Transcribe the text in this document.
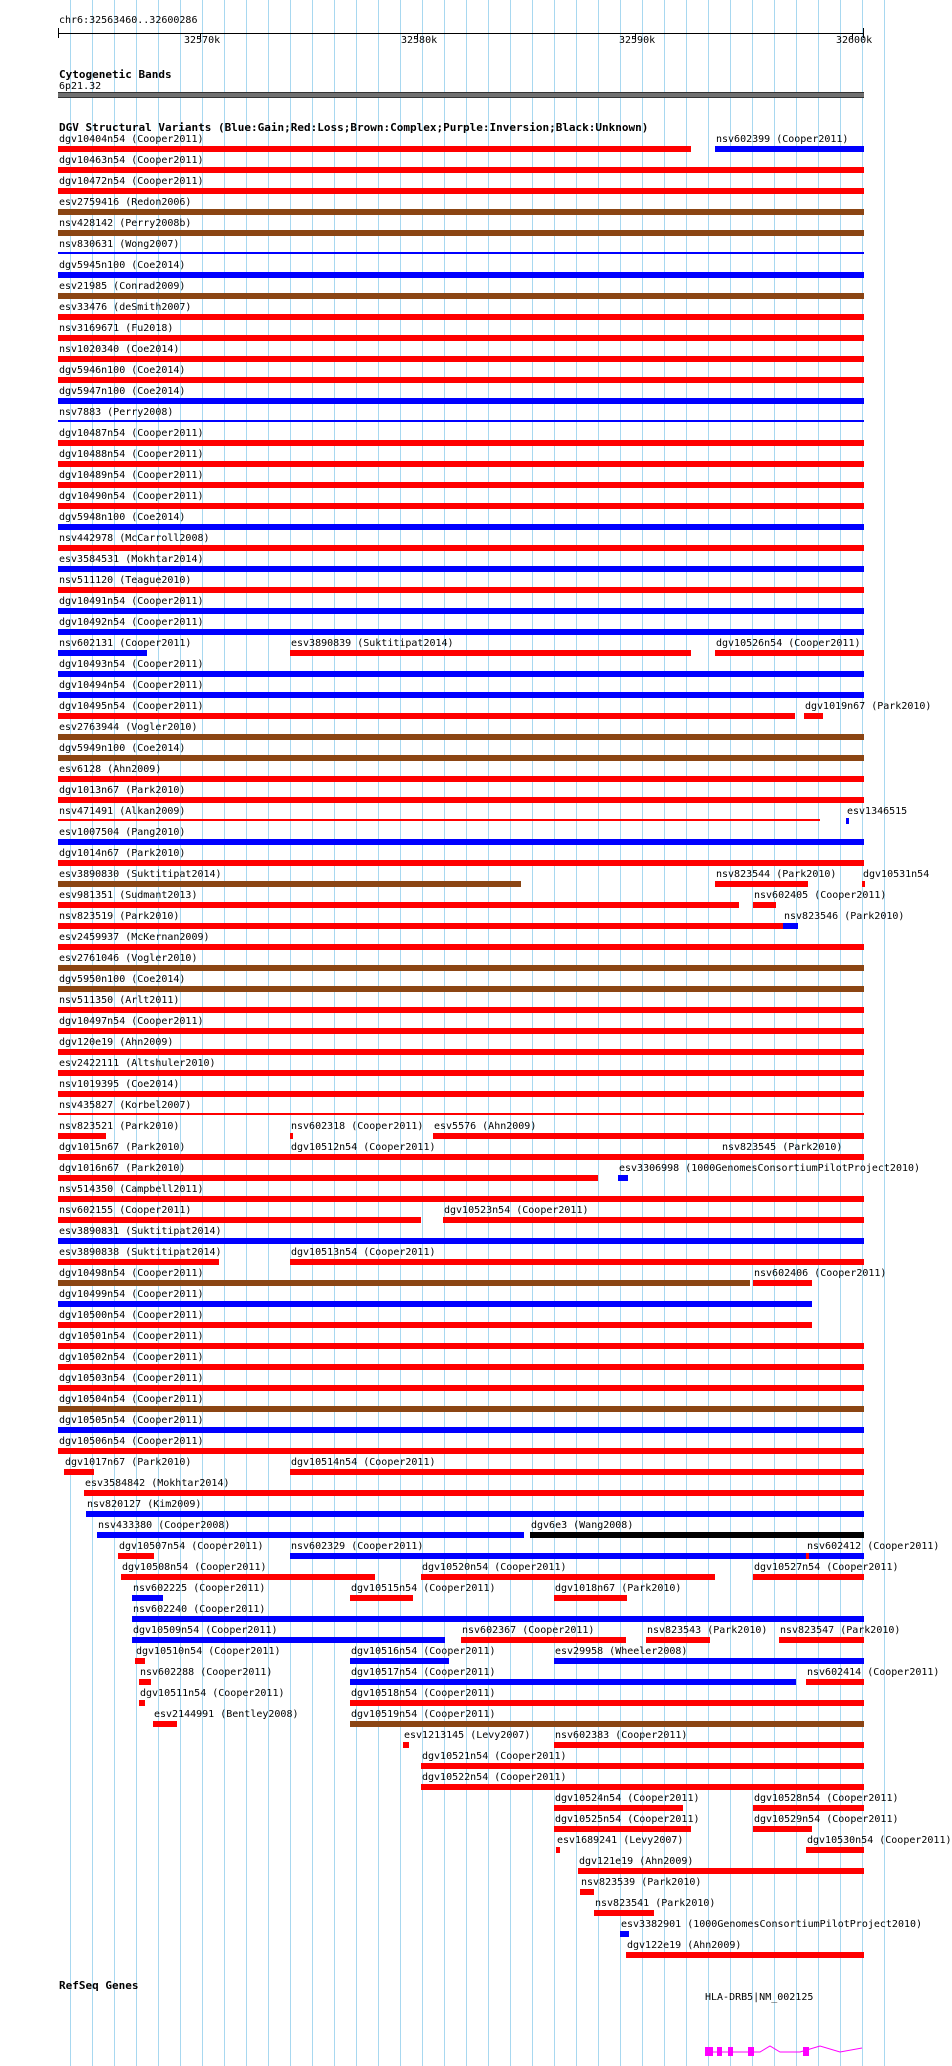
chr6:32563460..32600286
32570k	32580k	32590k	32600k
Cytogenetic Bands
6p21.32
DGV Structural Variants (Blue:Gain;Red:Loss;Brown:Complex;Purple:Inversion;Black:Unknown)
dgv10404n54 (Cooper2011)	nsv602399 (Cooper2011)
dgv10463n54 (Cooper2011)
dgv10472n54 (Cooper2011)
esv2759416 (Redon2006)
nsv428142 (Perry2008b)
nsv830631 (Wong2007)
dgv5945n100 (Coe2014)
esv21985 (Conrad2009)
esv33476 (deSmith2007)
nsv3169671 (Fu2018)
nsv1020340 (Coe2014)
dgv5946n100 (Coe2014)
dgv5947n100 (Coe2014)
nsv7883 (Perry2008)
dgv10487n54 (Cooper2011)
dgv10488n54 (Cooper2011)
dgv10489n54 (Cooper2011)
dgv10490n54 (Cooper2011)
dgv5948n100 (Coe2014)
nsv442978 (McCarroll2008)
esv3584531 (Mokhtar2014)
nsv511120 (Teague2010)
dgv10491n54 (Cooper2011)
dgv10492n54 (Cooper2011)
nsv602131 (Cooper2011)	esv3890839 (Suktitipat2014)	dgv10526n54 (Cooper2011)
dgv10493n54 (Cooper2011)
dgv10494n54 (Cooper2011)
dgv10495n54 (Cooper2011)	dgv1019n67 (Park2010)
esv2763944 (Vogler2010)
dgv5949n100 (Coe2014)
esv6128 (Ahn2009)
dgv1013n67 (Park2010)
nsv471491 (Alkan2009)	esv1346515
esv1007504 (Pang2010)
dgv1014n67 (Park2010)
esv3890830 (Suktitipat2014)	nsv823544 (Park2010)	dgv10531n54
esv981351 (Sudmant2013)	nsv602405 (Cooper2011)
nsv823519 (Park2010)	nsv823546 (Park2010)
esv2459937 (McKernan2009)
esv2761046 (Vogler2010)
dgv5950n100 (Coe2014)
nsv511350 (Arlt2011)
dgv10497n54 (Cooper2011)
dgv120e19 (Ahn2009)
esv2422111 (Altshuler2010)
nsv1019395 (Coe2014)
nsv435827 (Korbel2007)
nsv823521 (Park2010)	nsv602318 (Cooper2011) esv5576 (Ahn2009)
dgv1015n67 (Park2010)	dgv10512n54 (Cooper2011)	nsv823545 (Park2010)
dgv1016n67 (Park2010)	esv3306998 (1000GenomesConsortiumPilotProject2010)
nsv514350 (Campbell2011)
nsv602155 (Cooper2011)	dgv10523n54 (Cooper2011)
esv3890831 (Suktitipat2014)
esv3890838 (Suktitipat2014)	dgv10513n54 (Cooper2011)
dgv10498n54 (Cooper2011)	nsv602406 (Cooper2011)
dgv10499n54 (Cooper2011)
dgv10500n54 (Cooper2011)
dgv10501n54 (Cooper2011)
dgv10502n54 (Cooper2011)
dgv10503n54 (Cooper2011)
dgv10504n54 (Cooper2011)
dgv10505n54 (Cooper2011)
dgv10506n54 (Cooper2011)
dgv1017n67 (Park2010)	dgv10514n54 (Cooper2011)
esv3584842 (Mokhtar2014)
nsv820127 (Kim2009)
nsv433380 (Cooper2008)	dgv6e3 (Wang2008)
dgv10507n54 (Cooper2011)	nsv602329 (Cooper2011)	nsv602412 (Cooper2011)
dgv10508n54 (Cooper2011)	dgv10520n54 (Cooper2011)	dgv10527n54 (Cooper2011)
nsv602225 (Cooper2011)	dgv10515n54 (Cooper2011)	dgv1018n67 (Park2010)
nsv602240 (Cooper2011)
dgv10509n54 (Cooper2011)	nsv602367 (Cooper2011)	nsv823543 (Park2010) nsv823547 (Park2010)
dgv10510n54 (Cooper2011)	dgv10516n54 (Cooper2011)	esv29958 (Wheeler2008)
nsv602288 (Cooper2011)	dgv10517n54 (Cooper2011)	nsv602414 (Cooper2011)
dgv10511n54 (Cooper2011)	dgv10518n54 (Cooper2011)
esv2144991 (Bentley2008)	dgv10519n54 (Cooper2011)
esv1213145 (Levy2007) nsv602383 (Cooper2011)
dgv10521n54 (Cooper2011)
dgv10522n54 (Cooper2011)
dgv10524n54 (Cooper2011)	dgv10528n54 (Cooper2011)
dgv10525n54 (Cooper2011)	dgv10529n54 (Cooper2011)
esv1689241 (Levy2007)	dgv10530n54 (Cooper2011)
dgv121e19 (Ahn2009)
nsv823539 (Park2010)
nsv823541 (Park2010)
esv3382901 (1000GenomesConsortiumPilotProject2010)
dgv122e19 (Ahn2009)
RefSeq Genes
HLA-DRB5|NM_002125
